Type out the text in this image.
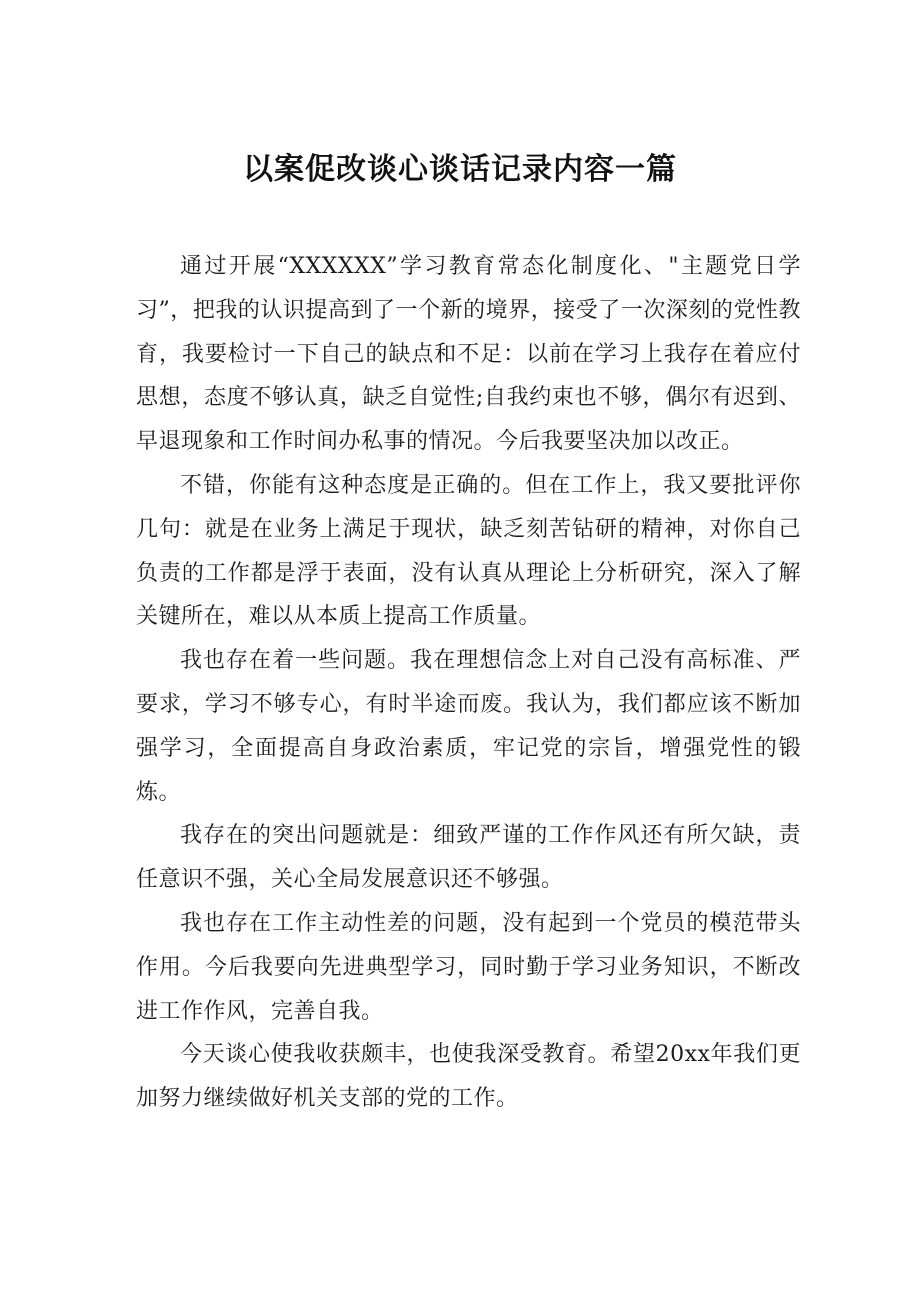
以案促改谈心谈话记录内容一篇

通过开展“XXXXXX”学习教育常态化制度化、"主题党日学习”，把我的认识提高到了一个新的境界，接受了一次深刻的党性教育，我要检讨一下自己的缺点和不足：以前在学习上我存在着应付思想，态度不够认真，缺乏自觉性;自我约束也不够，偶尔有迟到、早退现象和工作时间办私事的情况。今后我要坚决加以改正。

不错，你能有这种态度是正确的。但在工作上，我又要批评你几句：就是在业务上满足于现状，缺乏刻苦钻研的精神，对你自己负责的工作都是浮于表面，没有认真从理论上分析研究，深入了解关键所在，难以从本质上提高工作质量。

我也存在着一些问题。我在理想信念上对自己没有高标准、严要求，学习不够专心，有时半途而废。我认为，我们都应该不断加强学习，全面提高自身政治素质，牢记党的宗旨，增强党性的锻炼。

我存在的突出问题就是：细致严谨的工作作风还有所欠缺，责任意识不强，关心全局发展意识还不够强。

我也存在工作主动性差的问题，没有起到一个党员的模范带头作用。今后我要向先进典型学习，同时勤于学习业务知识，不断改进工作作风，完善自我。

今天谈心使我收获颇丰，也使我深受教育。希望20xx年我们更加努力继续做好机关支部的党的工作。
